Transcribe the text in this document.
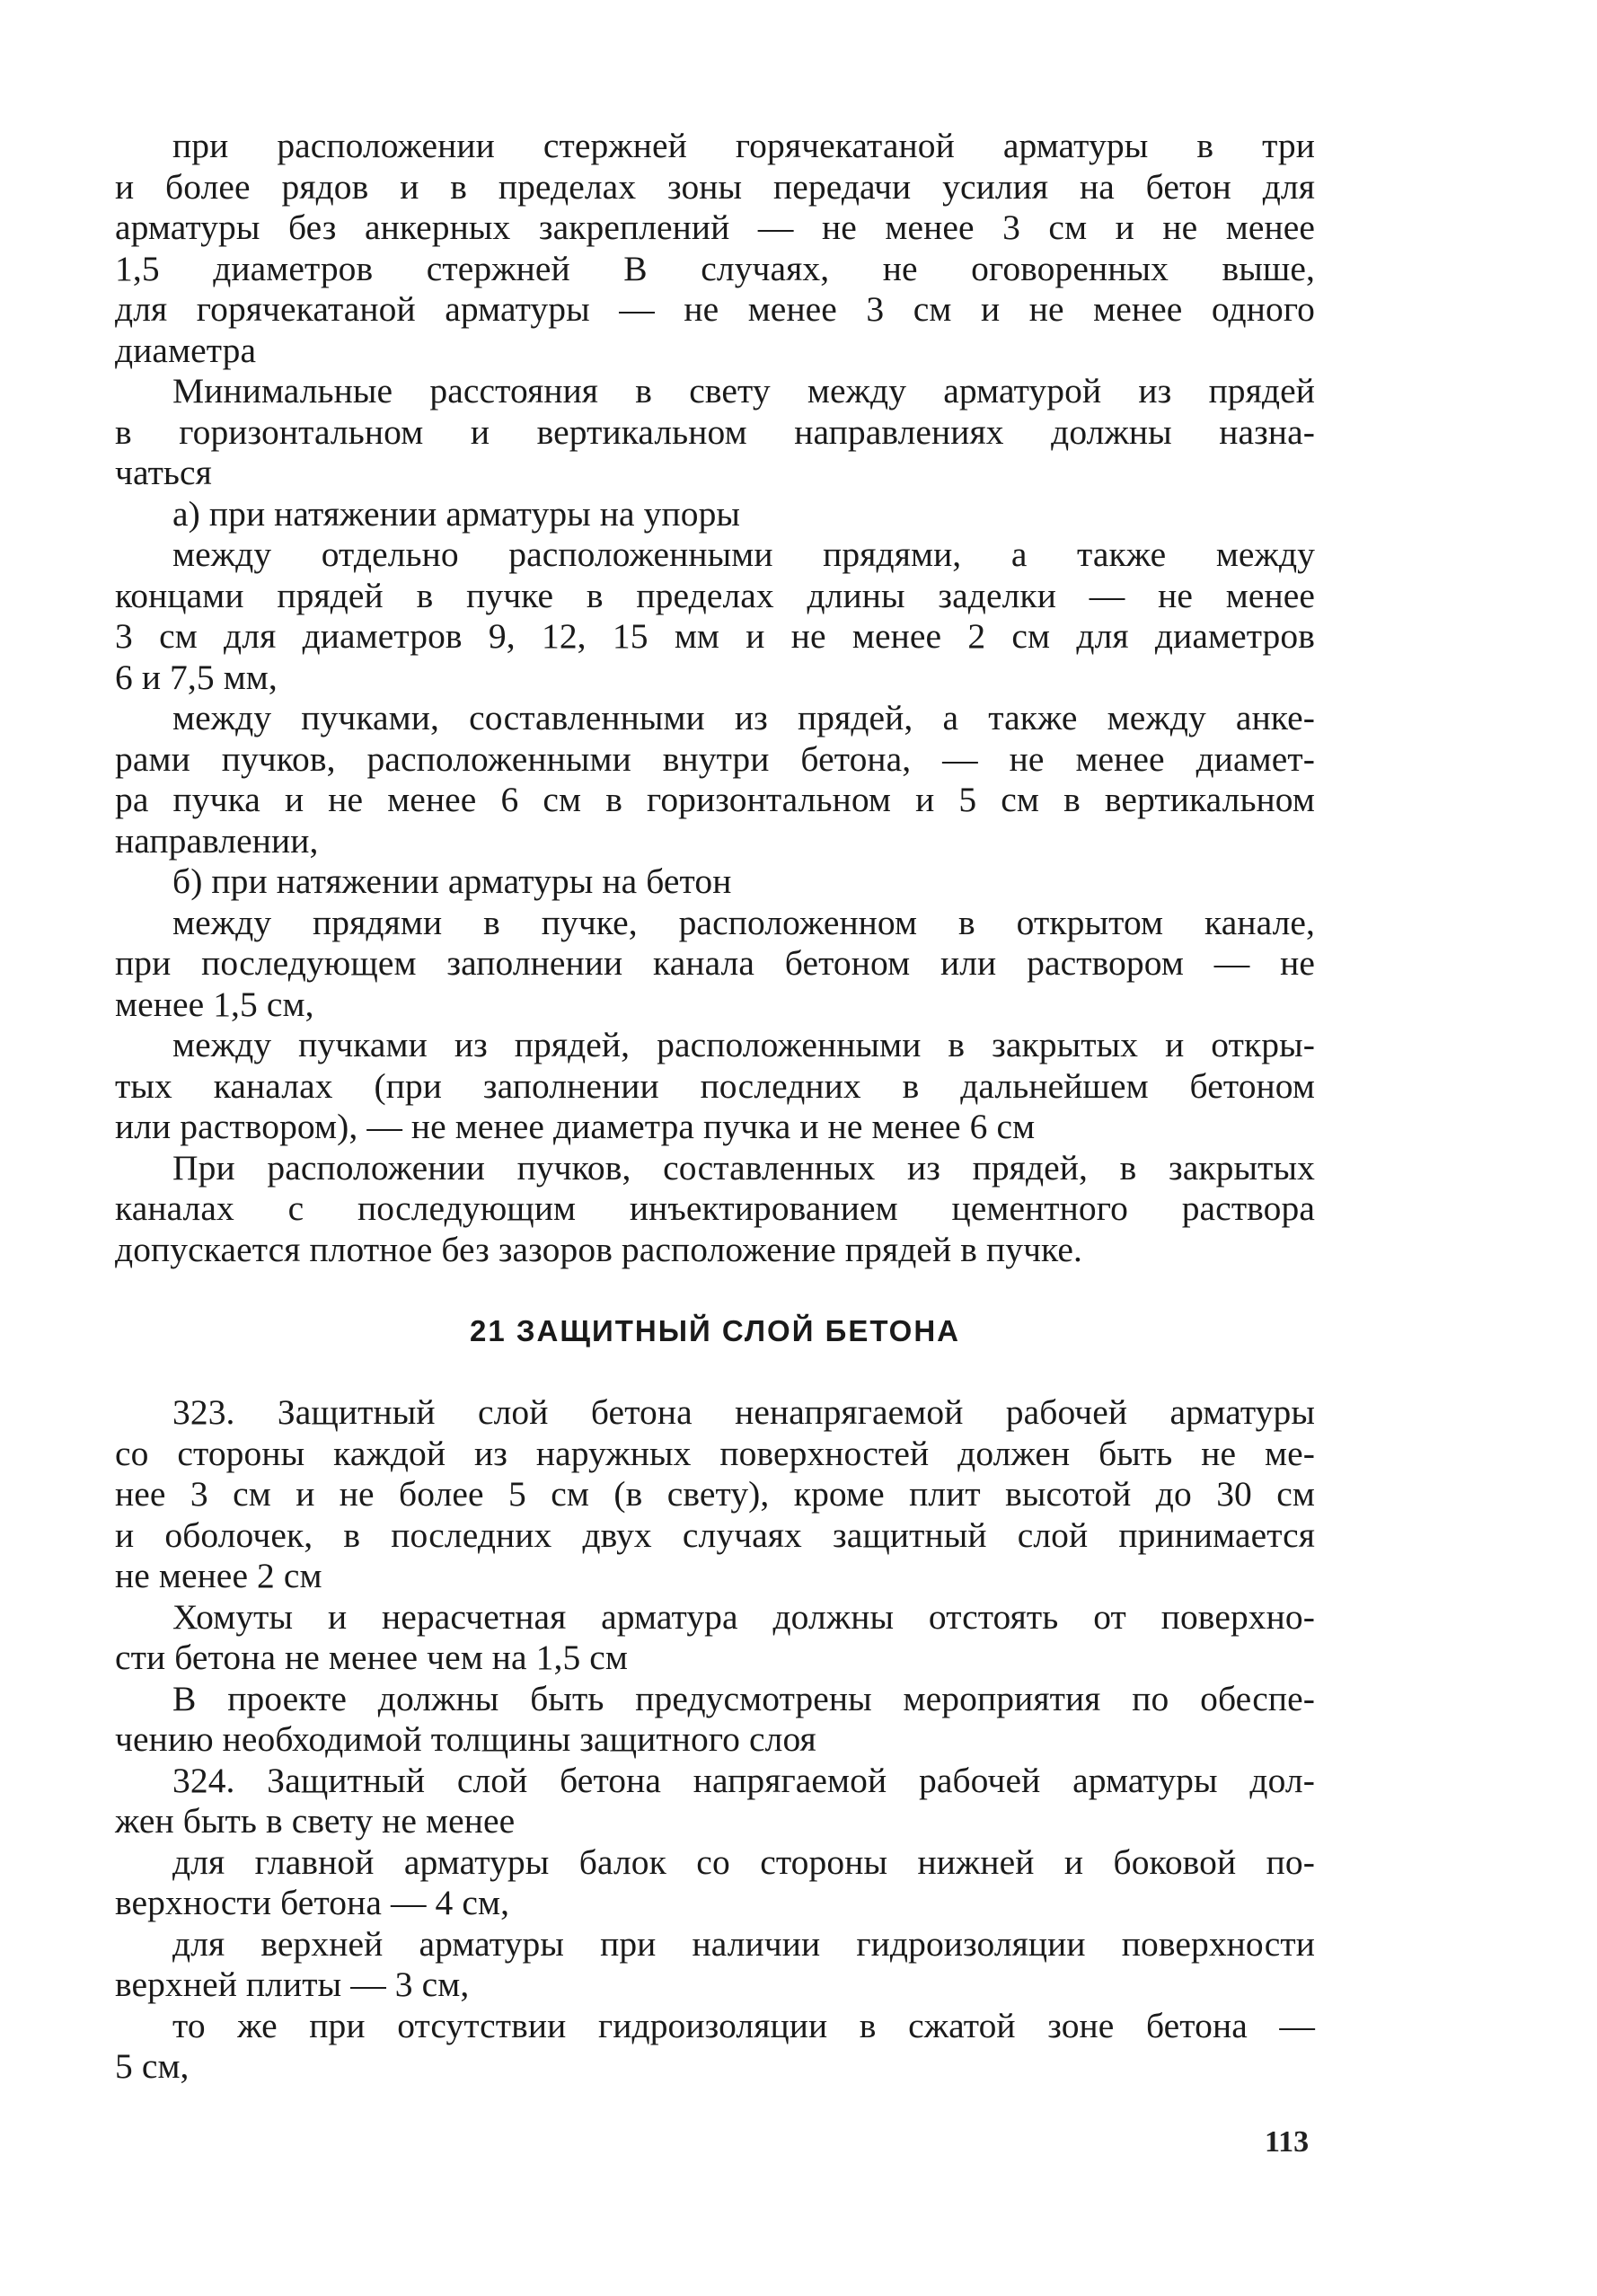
при расположении стержней горячекатаной арматуры в три
и более рядов и в пределах зоны передачи усилия на бетон для
арматуры без анкерных закреплений — не менее 3 см и не менее
1,5 диаметров стержней В случаях, не оговоренных выше,
для горячекатаной арматуры — не менее 3 см и не менее одного
диаметра
Минимальные расстояния в свету между арматурой из прядей
в горизонтальном и вертикальном направлениях должны назна-
чаться
а) при натяжении арматуры на упоры
между отдельно расположенными прядями, а также между
концами прядей в пучке в пределах длины заделки — не менее
3 см для диаметров 9, 12, 15 мм и не менее 2 см для диаметров
6 и 7,5 мм,
между пучками, составленными из прядей, а также между анке-
рами пучков, расположенными внутри бетона, — не менее диамет-
ра пучка и не менее 6 см в горизонтальном и 5 см в вертикальном
направлении,
б) при натяжении арматуры на бетон
между прядями в пучке, расположенном в открытом канале,
при последующем заполнении канала бетоном или раствором — не
менее 1,5 см,
между пучками из прядей, расположенными в закрытых и откры-
тых каналах (при заполнении последних в дальнейшем бетоном
или раствором), — не менее диаметра пучка и не менее 6 см
При расположении пучков, составленных из прядей, в закрытых
каналах с последующим инъектированием цементного раствора
допускается плотное без зазоров расположение прядей в пучке.
21 ЗАЩИТНЫЙ СЛОЙ БЕТОНА
323. Защитный слой бетона ненапрягаемой рабочей арматуры
со стороны каждой из наружных поверхностей должен быть не ме-
нее 3 см и не более 5 см (в свету), кроме плит высотой до 30 см
и оболочек, в последних двух случаях защитный слой принимается
не менее 2 см
Хомуты и нерасчетная арматура должны отстоять от поверхно-
сти бетона не менее чем на 1,5 см
В проекте должны быть предусмотрены мероприятия по обеспе-
чению необходимой толщины защитного слоя
324. Защитный слой бетона напрягаемой рабочей арматуры дол-
жен быть в свету не менее
для главной арматуры балок со стороны нижней и боковой по-
верхности бетона — 4 см,
для верхней арматуры при наличии гидроизоляции поверхности
верхней плиты — 3 см,
то же при отсутствии гидроизоляции в сжатой зоне бетона —
5 см,
113
